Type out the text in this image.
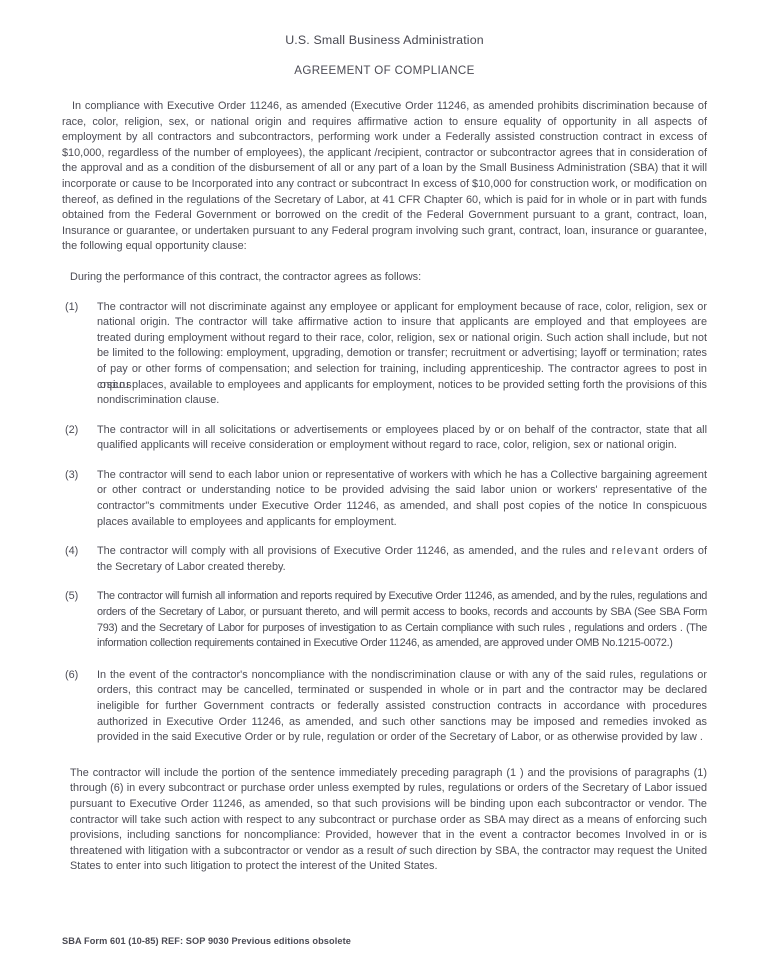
U.S. Small Business Administration
AGREEMENT OF COMPLIANCE

In compliance with Executive Order 11246, as amended (Executive Order 11246, as amended prohibits discrimination because of race, color, religion, sex, or national origin and requires affirmative action to ensure equality of opportunity in all aspects of employment by all contractors and subcontractors, performing work under a Federally assisted construction contract in excess of $10,000, regardless of the number of employees), the applicant /recipient, contractor or subcontractor agrees that in consideration of the approval and as a condition of the disbursement of all or any part of a loan by the Small Business Administration (SBA) that it will incorporate or cause to be Incorporated into any contract or subcontract In excess of $10,000 for construction work, or modification on thereof, as defined in the regulations of the Secretary of Labor, at 41 CFR Chapter 60, which is paid for in whole or in part with funds obtained from the Federal Government or borrowed on the credit of the Federal Government pursuant to a grant, contract, loan, Insurance or guarantee, or undertaken pursuant to any Federal program involving such grant, contract, loan, insurance or guarantee, the following equal opportunity clause:

During the performance of this contract, the contractor agrees as follows:

(1)	The contractor will not discriminate against any employee or applicant for employment because of race, color, religion, sex or national origin. The contractor will take affirmative action to insure that applicants are employed and that employees are treated during employment without regard to their race, color, religion, sex or national origin. Such action shall include, but not be limited to the following: employment, upgrading, demotion or transfer; recruitment or advertising; layoff or termination; rates of pay or other forms of compensation; and selection for training, including apprenticeship. The contractor agrees to post in conspicuous places, available to employees and applicants for employment, notices to be provided setting forth the provisions of this nondiscrimination clause.
(2)	The contractor will in all solicitations or advertisements or employees placed by or on behalf of the contractor, state that all qualified applicants will receive consideration or employment without regard to race, color, religion, sex or national origin.
(3)	The contractor will send to each labor union or representative of workers with which he has a Collective bargaining agreement or other contract or understanding notice to be provided advising the said labor union or workers' representative of the contractor"s commitments under Executive Order 11246, as amended, and shall post copies of the notice In conspicuous places available to employees and applicants for employment.
(4)	The contractor will comply with all provisions of Executive Order 11246, as amended, and the rules and relevant orders of the Secretary of Labor created thereby.
(5)	The contractor will furnish all information and reports required by Executive Order 11246, as amended, and by the rules, regulations and orders of the Secretary of Labor, or pursuant thereto, and will permit access to books, records and accounts by SBA (See SBA Form 793) and the Secretary of Labor for purposes of investigation to as Certain compliance with such rules , regulations and orders . (The information collection requirements contained in Executive Order 11246, as amended, are approved under OMB No.1215-0072.)
(6)	In the event of the contractor's noncompliance with the nondiscrimination clause or with any of the said rules, regulations or orders, this contract may be cancelled, terminated or suspended in whole or in part and the contractor may be declared ineligible for further Government contracts or federally assisted construction contracts in accordance with procedures authorized in Executive Order 11246, as amended, and such other sanctions may be imposed and remedies invoked as provided in the said Executive Order or by rule, regulation or order of the Secretary of Labor, or as otherwise provided by law .

The contractor will include the portion of the sentence immediately preceding paragraph (1 ) and the provisions of paragraphs (1) through (6) in every subcontract or purchase order unless exempted by rules, regulations or orders of the Secretary of Labor issued pursuant to Executive Order 11246, as amended, so that such provisions will be binding upon each subcontractor or vendor. The contractor will take such action with respect to any subcontract or purchase order as SBA may direct as a means of enforcing such provisions, including sanctions for noncompliance: Provided, however that in the event a contractor becomes Involved in or is threatened with litigation with a subcontractor or vendor as a result of such direction by SBA, the contractor may request the United States to enter into such litigation to protect the interest of the United States.

SBA Form 601 (10-85) REF: SOP 9030 Previous editions obsolete
